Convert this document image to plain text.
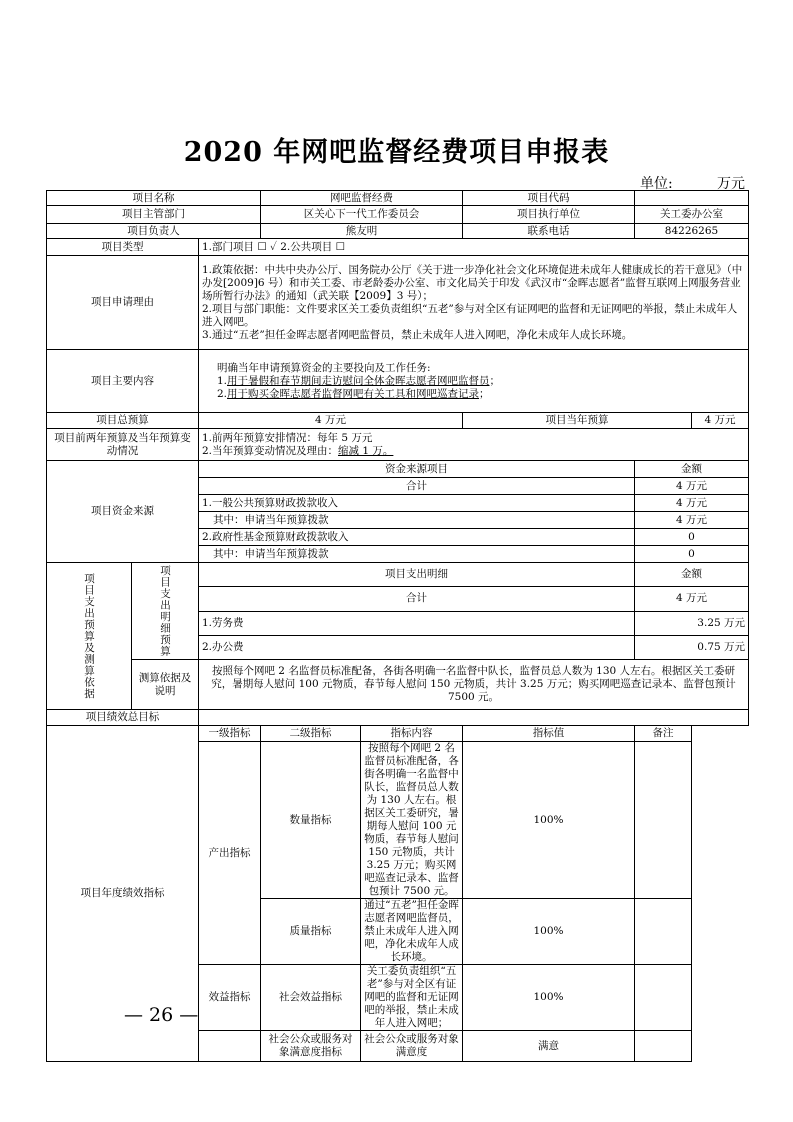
2020 年网吧监督经费项目申报表
单位:	万元
项目名称			网吧监督经费		项目代码		
项目主管部门			区关心下一代工作委员会		项目执行单位	关工委办公室	
项目负责人			熊友明		联系电话	84226265	
项目类型		1.部门项目 ☐ ✓ 2.公共项目 ☐					
项目申请理由		1.政策依据：中共中央办公厅、国务院办公厅《关于进一步净化社会文化环境促进未成年人健康成长的若干意见》（中办发[2009]6 号）和市关工委、市老龄委办公室、市文化局关于印发《武汉市“金晖志愿者”监督互联网上网服务营业场所暂行办法》的通知（武关联【2009】3 号）；
2.项目与部门职能：文件要求区关工委负责组织“五老”参与对全区有证网吧的监督和无证网吧的举报，禁止未成年人进入网吧。
3.通过“五老”担任金晖志愿者网吧监督员，禁止未成年人进入网吧，净化未成年人成长环境。					

项目主要内容		明确当年申请预算资金的主要投向及工作任务:
1.用于暑假和春节期间走访慰问全体金晖志愿者网吧监督员；
2.用于购买金晖志愿者监督网吧有关工具和网吧巡查记录；					

项目总预算		4 万元			项目当年预算		4 万元
项目前两年预算及当年预算变动情况		1.前两年预算安排情况：每年 5 万元
2.当年预算变动情况及理由：缩减 1 万。					

项目资金来源		资金来源项目				金额	
		合计				4 万元	
		1.一般公共预算财政拨款收入				4 万元	
		其中：申请当年预算拨款				4 万元	
		2.政府性基金预算财政拨款收入				0	
		其中：申请当年预算拨款				0	

项目支出预算及测算依据	项目支出明细预算	项目支出明细				金额	
		合计				4 万元	
		1.劳务费				3.25 万元	
		2.办公费				0.75 万元	
	测算依据及说明	按照每个网吧 2 名监督员标准配备，各街各明确一名监督中队长，监督员总人数为 130 人左右。根据区关工委研究，暑期每人慰问 100 元物质，春节每人慰问 150 元物质，共计 3.25 万元；购买网吧巡查记录本、监督包预计 7500 元。					
项目绩效总目标							
项目年度绩效指标		一级指标	二级指标	指标内容	指标值	备注	
		产出指标	数量指标	按照每个网吧 2 名监督员标准配备，各街各明确一名监督中队长，监督员总人数为 130 人左右。根据区关工委研究，暑期每人慰问 100 元物质，春节每人慰问 150 元物质，共计 3.25 万元；购买网吧巡查记录本、监督包预计 7500 元。	100%		
			质量指标	通过“五老”担任金晖志愿者网吧监督员，禁止未成年人进入网吧，净化未成年人成长环境。	100%		
		效益指标	社会效益指标	关工委负责组织“五老”参与对全区有证网吧的监督和无证网吧的举报，禁止未成年人进入网吧；	100%		
			社会公众或服务对象满意度指标	社会公众或服务对象满意度	满意		
— 26 —
